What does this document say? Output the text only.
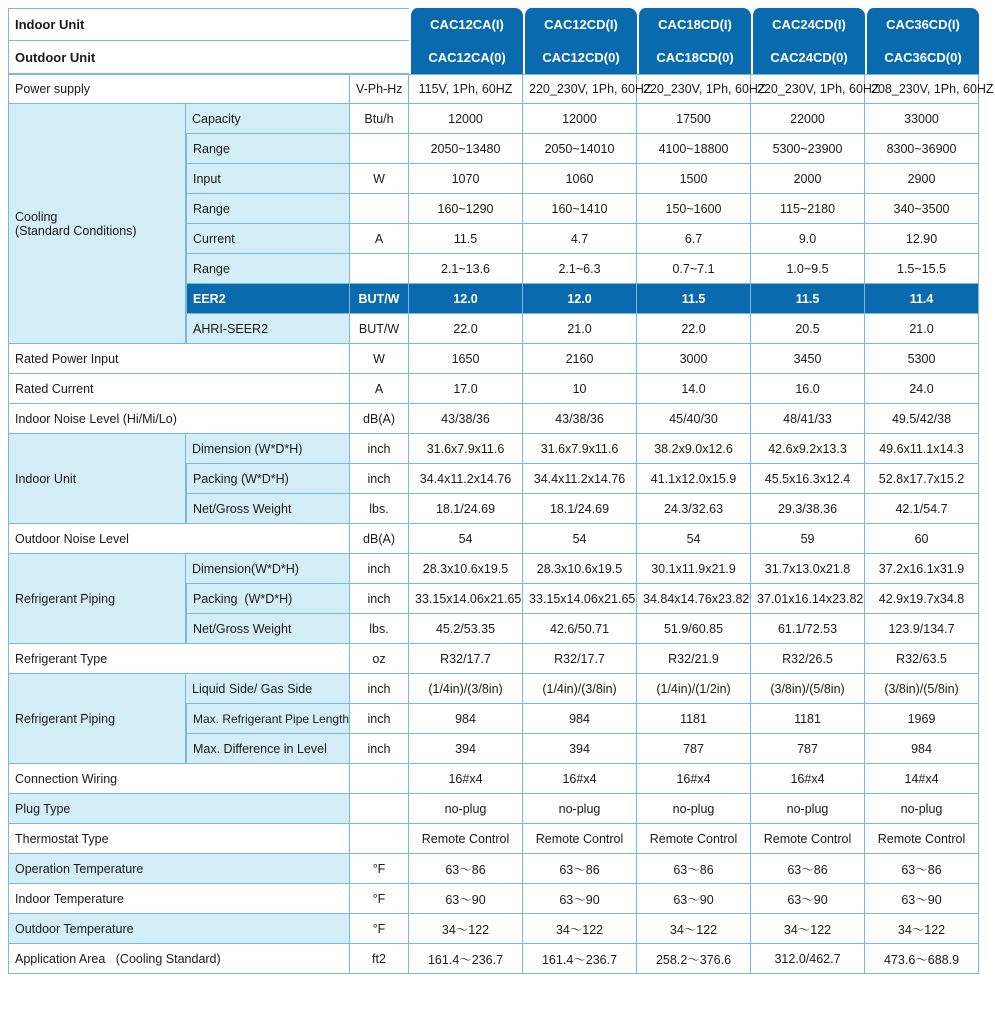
Indoor Unit			CAC12CA(I)	CAC12CD(I)	CAC18CD(I)	CAC24CD(I)	CAC36CD(I)
Outdoor Unit			CAC12CA(0)	CAC12CD(0)	CAC18CD(0)	CAC24CD(0)	CAC36CD(0)
Power supply		V-Ph-Hz	115V, 1Ph, 60HZ	220_230V, 1Ph, 60HZ	220_230V, 1Ph, 60HZ	220_230V, 1Ph, 60HZ	208_230V, 1Ph, 60HZ
Cooling
(Standard Conditions)	Capacity	Btu/h	12000	12000	17500	22000	33000
	Range		2050~13480	2050~14010	4100~18800	5300~23900	8300~36900
	Input	W	1070	1060	1500	2000	2900
	Range		160~1290	160~1410	150~1600	115~2180	340~3500
	Current	A	11.5	4.7	6.7	9.0	12.90
	Range		2.1~13.6	2.1~6.3	0.7~7.1	1.0~9.5	1.5~15.5
	EER2	BUT/W	12.0	12.0	11.5	11.5	11.4
	AHRI-SEER2	BUT/W	22.0	21.0	22.0	20.5	21.0
Rated Power Input		W	1650	2160	3000	3450	5300
Rated Current		A	17.0	10	14.0	16.0	24.0
Indoor Noise Level (Hi/Mi/Lo)		dB(A)	43/38/36	43/38/36	45/40/30	48/41/33	49.5/42/38
Indoor Unit	Dimension (W*D*H)	inch	31.6x7.9x11.6	31.6x7.9x11.6	38.2x9.0x12.6	42.6x9.2x13.3	49.6x11.1x14.3
	Packing (W*D*H)	inch	34.4x11.2x14.76	34.4x11.2x14.76	41.1x12.0x15.9	45.5x16.3x12.4	52.8x17.7x15.2
	Net/Gross Weight	lbs.	18.1/24.69	18.1/24.69	24.3/32.63	29.3/38.36	42.1/54.7
Outdoor Noise Level		dB(A)	54	54	54	59	60
Refrigerant Piping	Dimension(W*D*H)	inch	28.3x10.6x19.5	28.3x10.6x19.5	30.1x11.9x21.9	31.7x13.0x21.8	37.2x16.1x31.9
	Packing  (W*D*H)	inch	33.15x14.06x21.65	33.15x14.06x21.65	34.84x14.76x23.82	37.01x16.14x23.82	42.9x19.7x34.8
	Net/Gross Weight	lbs.	45.2/53.35	42.6/50.71	51.9/60.85	61.1/72.53	123.9/134.7
Refrigerant Type		oz	R32/17.7	R32/17.7	R32/21.9	R32/26.5	R32/63.5
Refrigerant Piping	Liquid Side/ Gas Side	inch	(1/4in)/(3/8in)	(1/4in)/(3/8in)	(1/4in)/(1/2in)	(3/8in)/(5/8in)	(3/8in)/(5/8in)
	Max. Refrigerant Pipe Length	inch	984	984	1181	1181	1969
	Max. Difference in Level	inch	394	394	787	787	984
Connection Wiring			16#x4	16#x4	16#x4	16#x4	14#x4
Plug Type			no-plug	no-plug	no-plug	no-plug	no-plug
Thermostat Type			Remote Control	Remote Control	Remote Control	Remote Control	Remote Control
Operation Temperature		°F	63～86	63～86	63～86	63～86	63～86
Indoor Temperature		°F	63～90	63～90	63～90	63～90	63～90
Outdoor Temperature		°F	34～122	34～122	34～122	34～122	34～122
Application Area   (Cooling Standard)		ft2	161.4～236.7	161.4～236.7	258.2～376.6	312.0/462.7	473.6～688.9
